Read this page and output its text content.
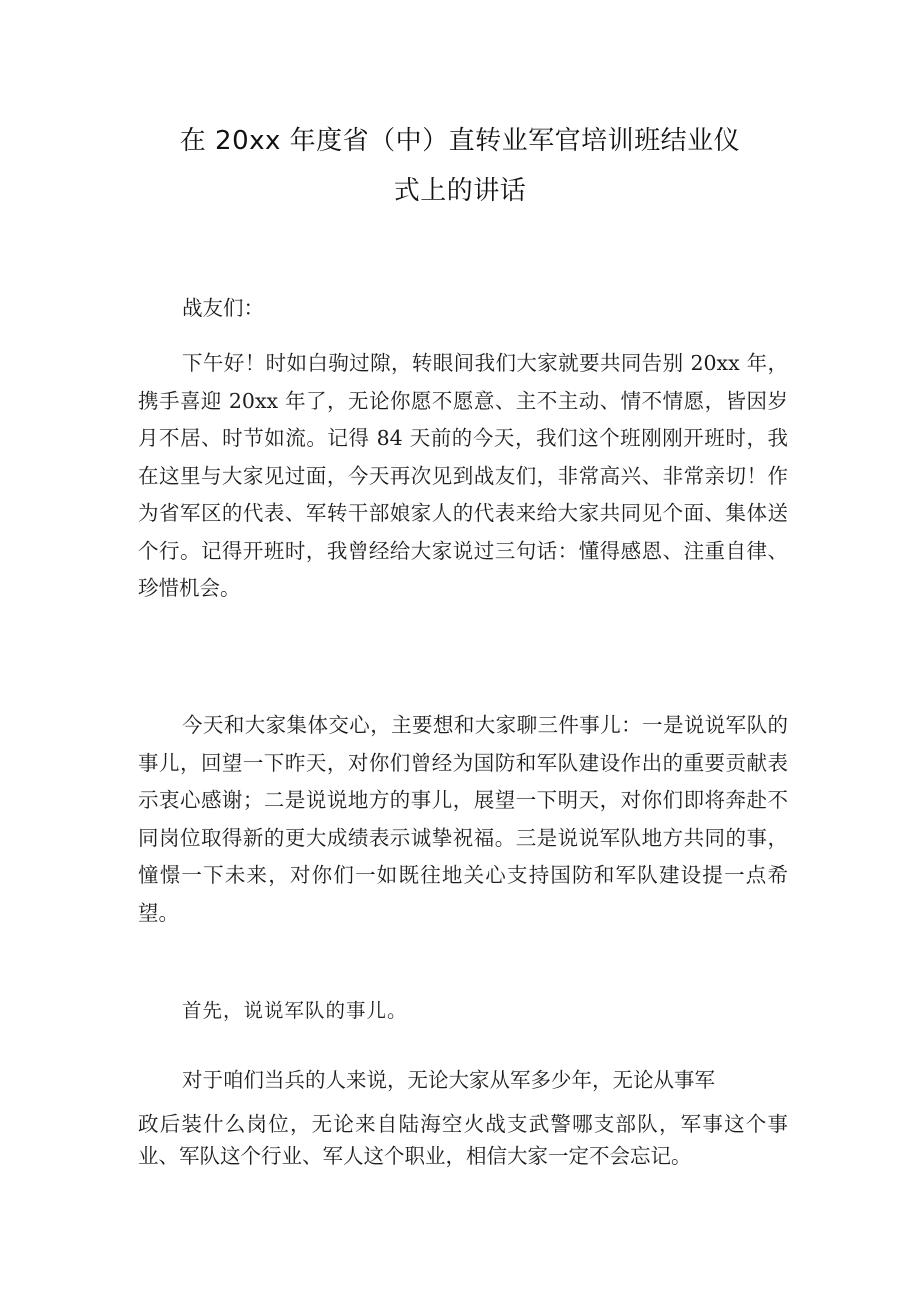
在 20xx 年度省（中）直转业军官培训班结业仪
式上的讲话
战友们：
下午好！时如白驹过隙，转眼间我们大家就要共同告别 20xx 年，携手喜迎 20xx 年了，无论你愿不愿意、主不主动、情不情愿，皆因岁月不居、时节如流。记得 84 天前的今天，我们这个班刚刚开班时，我在这里与大家见过面，今天再次见到战友们，非常高兴、非常亲切！作为省军区的代表、军转干部娘家人的代表来给大家共同见个面、集体送个行。记得开班时，我曾经给大家说过三句话：懂得感恩、注重自律、珍惜机会。
今天和大家集体交心，主要想和大家聊三件事儿：一是说说军队的事儿，回望一下昨天，对你们曾经为国防和军队建设作出的重要贡献表示衷心感谢；二是说说地方的事儿，展望一下明天，对你们即将奔赴不同岗位取得新的更大成绩表示诚挚祝福。三是说说军队地方共同的事，憧憬一下未来，对你们一如既往地关心支持国防和军队建设提一点希望。
首先，说说军队的事儿。
对于咱们当兵的人来说，无论大家从军多少年，无论从事军
政后装什么岗位，无论来自陆海空火战支武警哪支部队，军事这个事业、军队这个行业、军人这个职业，相信大家一定不会忘记。
